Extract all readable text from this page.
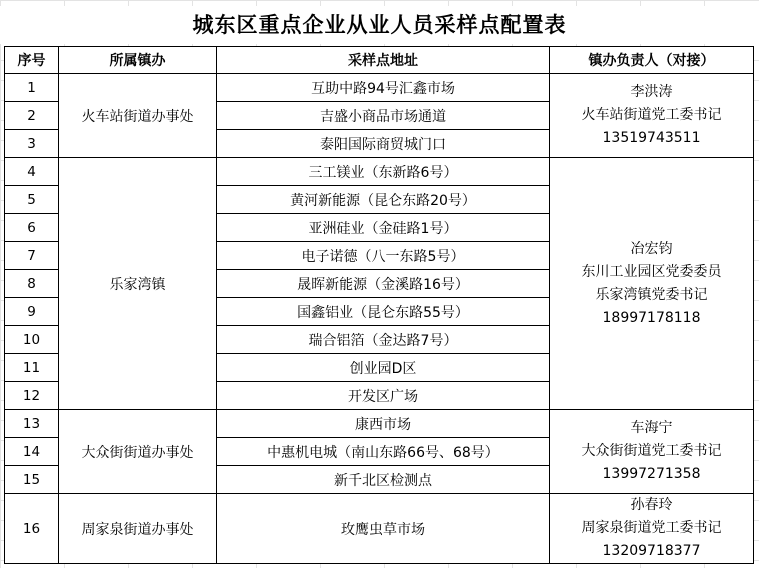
城东区重点企业从业人员采样点配置表
序号	所属镇办	采样点地址	镇办负责人（对接）
1	火车站街道办事处	互助中路94号汇鑫市场	李洪涛
火车站街道党工委书记
13519743511

2		吉盛小商品市场通道	
3		泰阳国际商贸城门口	
4	乐家湾镇	三工镁业（东新路6号）	冶宏钧
东川工业园区党委委员
乐家湾镇党委书记
18997178118

5		黄河新能源（昆仑东路20号）	
6		亚洲硅业（金硅路1号）	
7		电子诺德（八一东路5号）	
8		晟晖新能源（金溪路16号）	
9		国鑫铝业（昆仑东路55号）	
10		瑞合铝箔（金达路7号）	
11		创业园D区	
12		开发区广场	
13	大众街街道办事处	康西市场	车海宁
大众街街道党工委书记
13997271358

14		中惠机电城（南山东路66号、68号）	
15		新千北区检测点	
16	周家泉街道办事处	玫鹰虫草市场	孙春玲
周家泉街道党工委书记
13209718377
